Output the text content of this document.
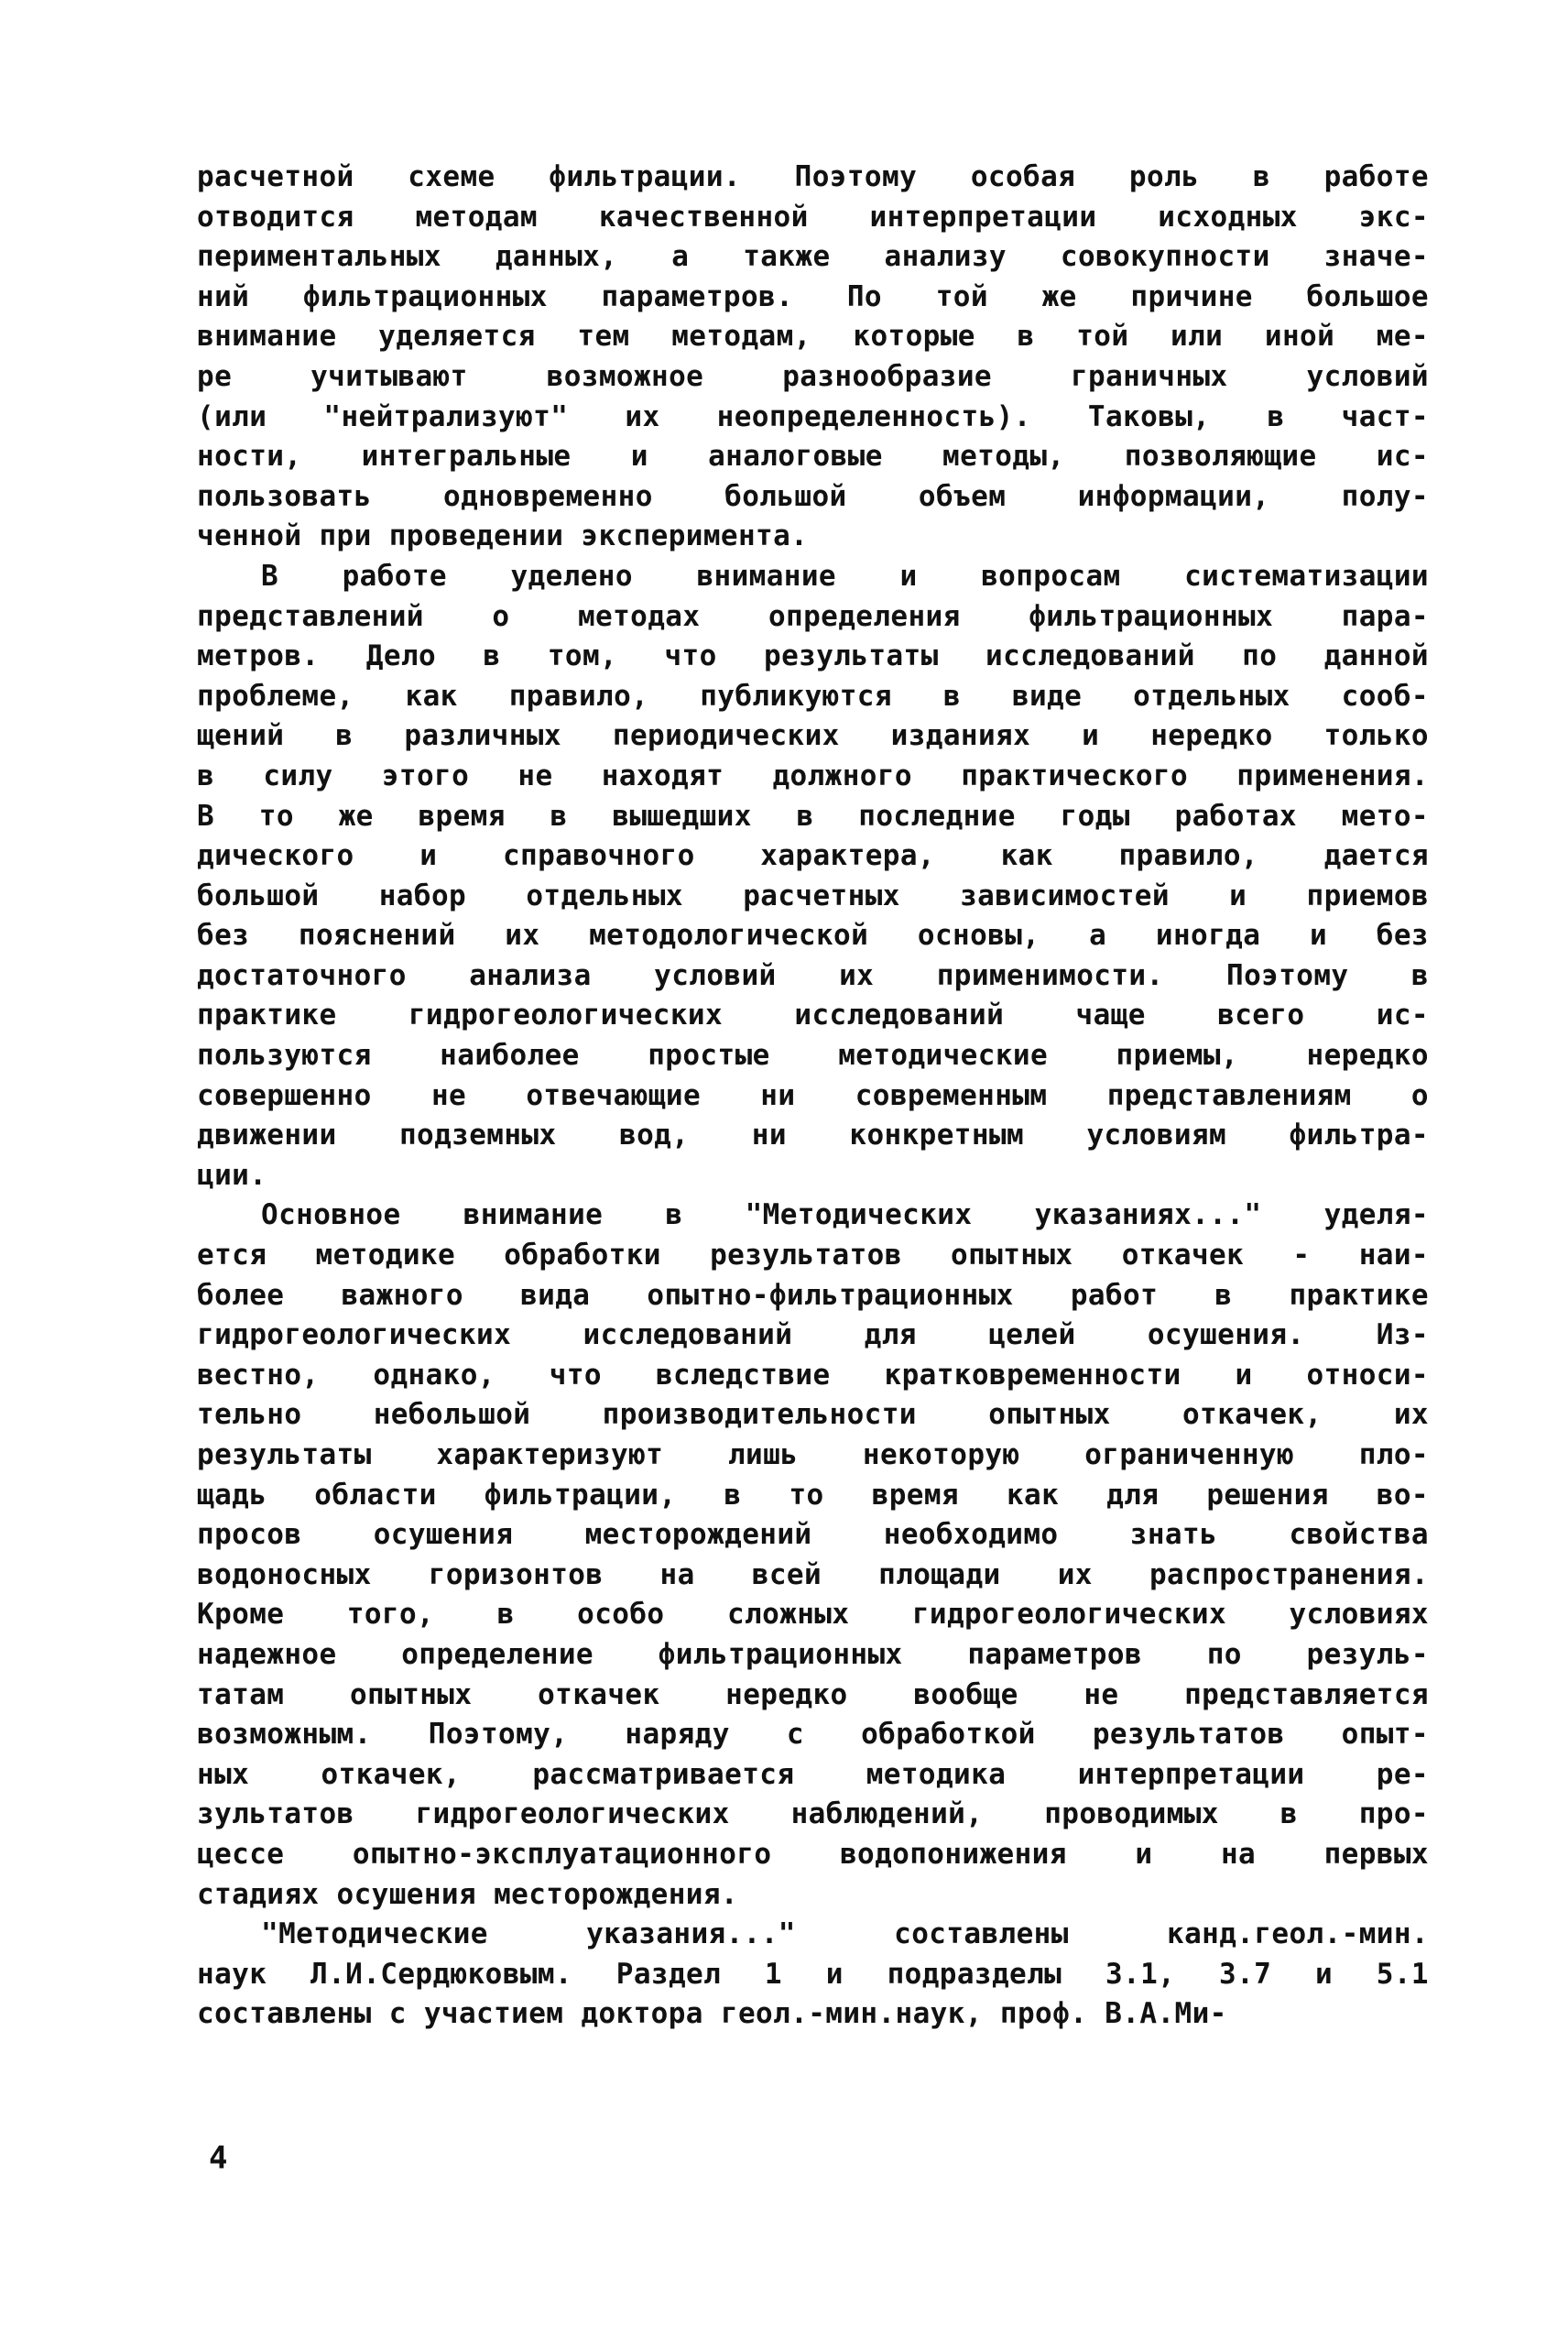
расчетной схеме фильтрации. Поэтому особая роль в работе
отводится методам качественной интерпретации исходных экс-
периментальных данных, а также анализу совокупности значе-
ний фильтрационных параметров. По той же причине большое
внимание уделяется тем методам, которые в той или иной ме-
ре учитывают возможное разнообразие граничных условий
(или "нейтрализуют" их неопределенность). Таковы, в част-
ности, интегральные и аналоговые методы, позволяющие ис-
пользовать одновременно большой объем информации, полу-
ченной при проведении эксперимента.
В работе уделено внимание и вопросам систематизации
представлений о методах определения фильтрационных пара-
метров. Дело в том, что результаты исследований по данной
проблеме, как правило, публикуются в виде отдельных сооб-
щений в различных периодических изданиях и нередко только
в силу этого не находят должного практического применения.
В то же время в вышедших в последние годы работах мето-
дического и справочного характера, как правило, дается
большой набор отдельных расчетных зависимостей и приемов
без пояснений их методологической основы, а иногда и без
достаточного анализа условий их применимости. Поэтому в
практике гидрогеологических исследований чаще всего ис-
пользуются наиболее простые методические приемы, нередко
совершенно не отвечающие ни современным представлениям о
движении подземных вод, ни конкретным условиям фильтра-
ции.
Основное внимание в "Методических указаниях..." уделя-
ется методике обработки результатов опытных откачек - наи-
более важного вида опытно-фильтрационных работ в практике
гидрогеологических исследований для целей осушения. Из-
вестно, однако, что вследствие кратковременности и относи-
тельно небольшой производительности опытных откачек, их
результаты характеризуют лишь некоторую ограниченную пло-
щадь области фильтрации, в то время как для решения во-
просов осушения месторождений необходимо знать свойства
водоносных горизонтов на всей площади их распространения.
Кроме того, в особо сложных гидрогеологических условиях
надежное определение фильтрационных параметров по резуль-
татам опытных откачек нередко вообще не представляется
возможным. Поэтому, наряду с обработкой результатов опыт-
ных откачек, рассматривается методика интерпретации ре-
зультатов гидрогеологических наблюдений, проводимых в про-
цессе опытно-эксплуатационного водопонижения и на первых
стадиях осушения месторождения.
"Методические указания..." составлены канд.геол.-мин.
наук Л.И.Сердюковым. Раздел 1 и подразделы 3.1, 3.7 и 5.1
составлены с участием доктора геол.-мин.наук, проф. В.А.Ми-
4
